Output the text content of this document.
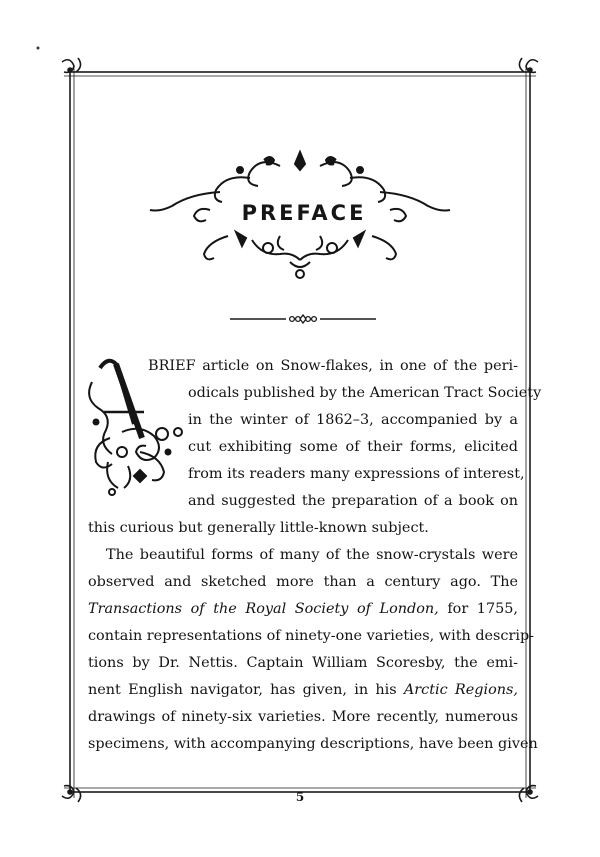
PREFACE
BRIEF article on Snow-flakes, in one of the peri-
odicals published by the American Tract Society
in the winter of 1862–3, accompanied by a
cut exhibiting some of their forms, elicited
from its readers many expressions of interest,
and suggested the preparation of a book on
this curious but generally little-known subject.
The beautiful forms of many of the snow-crystals were
observed and sketched more than a century ago. The
Transactions of the Royal Society of London, for 1755,
contain representations of ninety-one varieties, with descrip-
tions by Dr. Nettis. Captain William Scoresby, the emi-
nent English navigator, has given, in his Arctic Regions,
drawings of ninety-six varieties. More recently, numerous
specimens, with accompanying descriptions, have been given
5
